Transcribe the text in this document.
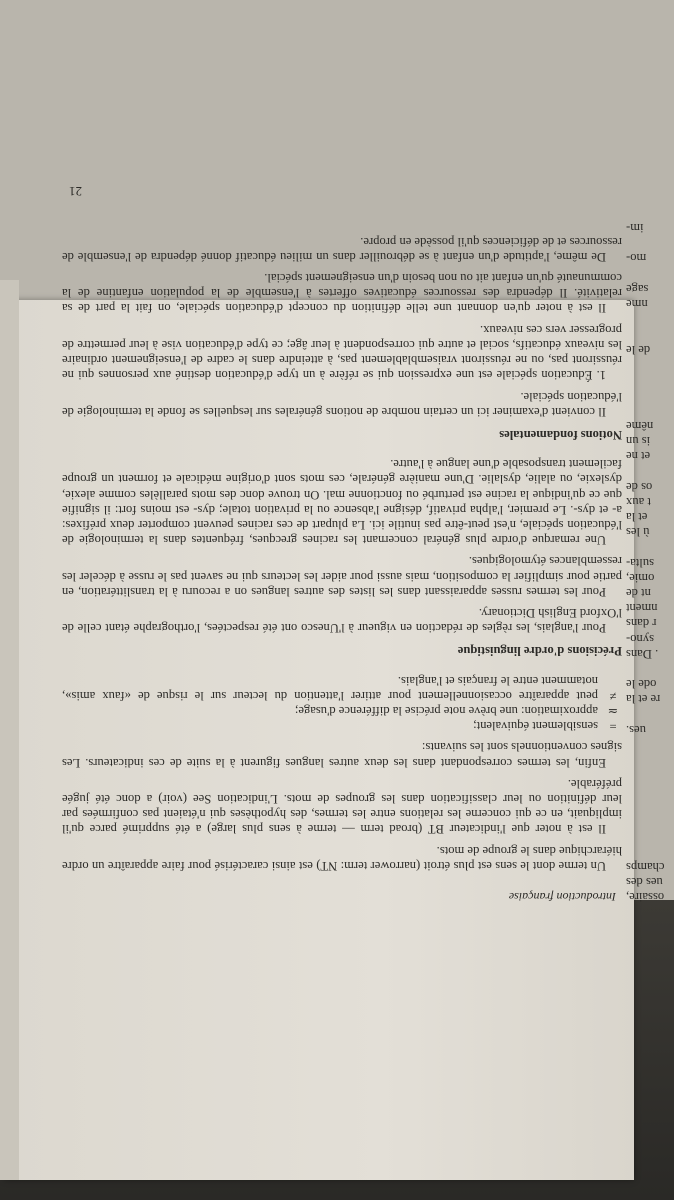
ossaire,
ues des
champs

ues.

re et la
ode le

. Dans
synο-
r dans
nment
nt de
omie,
sulta-

ù les
et la
t aux
os de

et ne
is un
nême

de le

nme
sage

mo-

im-
Introduction française

Un terme dont le sens est plus étroit (narrower term: NT) est ainsi caractérisé pour faire apparaître un ordre hiérarchique dans le groupe de mots.

Il est à noter que l'indicateur BT (broad term — terme à sens plus large) a été supprimé parce qu'il impliquait, en ce qui concerne les relations entre les termes, des hypothèses qui n'étaient pas confirmées par leur définition ou leur classification dans les groupes de mots. L'indication See (voir) a donc été jugée préférable.

Enfin, les termes correspondant dans les deux autres langues figurent à la suite de ces indicateurs. Les signes conventionnels sont les suivants:

=
sensiblement équivalent;
≃
approximation: une brève note précise la différence d'usage;
≠
peut apparaître occasionnellement pour attirer l'attention du lecteur sur le risque de «faux amis», notamment entre le français et l'anglais.
Précisions d'ordre linguistique

Pour l'anglais, les règles de rédaction en vigueur à l'Unesco ont été respectées, l'orthographe étant celle de l'Oxford English Dictionary.

Pour les termes russes apparaissant dans les listes des autres langues on a recouru à la translittération, en partie pour simplifier la composition, mais aussi pour aider les lecteurs qui ne savent pas le russe à déceler les ressemblances étymologiques.

Une remarque d'ordre plus général concernant les racines grecques, fréquentes dans la terminologie de l'éducation spéciale, n'est peut-être pas inutile ici. La plupart de ces racines peuvent comporter deux préfixes: a- et dys-. Le premier, l'alpha privatif, désigne l'absence ou la privation totale; dys- est moins fort: il signifie que ce qu'indique la racine est perturbé ou fonctionne mal. On trouve donc des mots parallèles comme alexie, dyslexie, ou alalie, dyslalie. D'une manière générale, ces mots sont d'origine médicale et forment un groupe facilement transposable d'une langue à l'autre.

Notions fondamentales

Il convient d'examiner ici un certain nombre de notions générales sur lesquelles se fonde la terminologie de l'éducation spéciale.

1. Éducation spéciale est une expression qui se réfère à un type d'éducation destiné aux personnes qui ne réussiront pas, ou ne réussiront vraisemblablement pas, à atteindre dans le cadre de l'enseignement ordinaire les niveaux éducatifs, social et autre qui correspondent à leur âge; ce type d'éducation vise à leur permettre de progresser vers ces niveaux.

Il est à noter qu'en donnant une telle définition du concept d'éducation spéciale, on fait la part de sa relativité. Il dépendra des ressources éducatives offertes à l'ensemble de la population enfantine de la communauté qu'un enfant ait ou non besoin d'un enseignement spécial.

De même, l'aptitude d'un enfant à se débrouiller dans un milieu éducatif donné dépendra de l'ensemble de ressources et de déficiences qu'il possède en propre.

21
